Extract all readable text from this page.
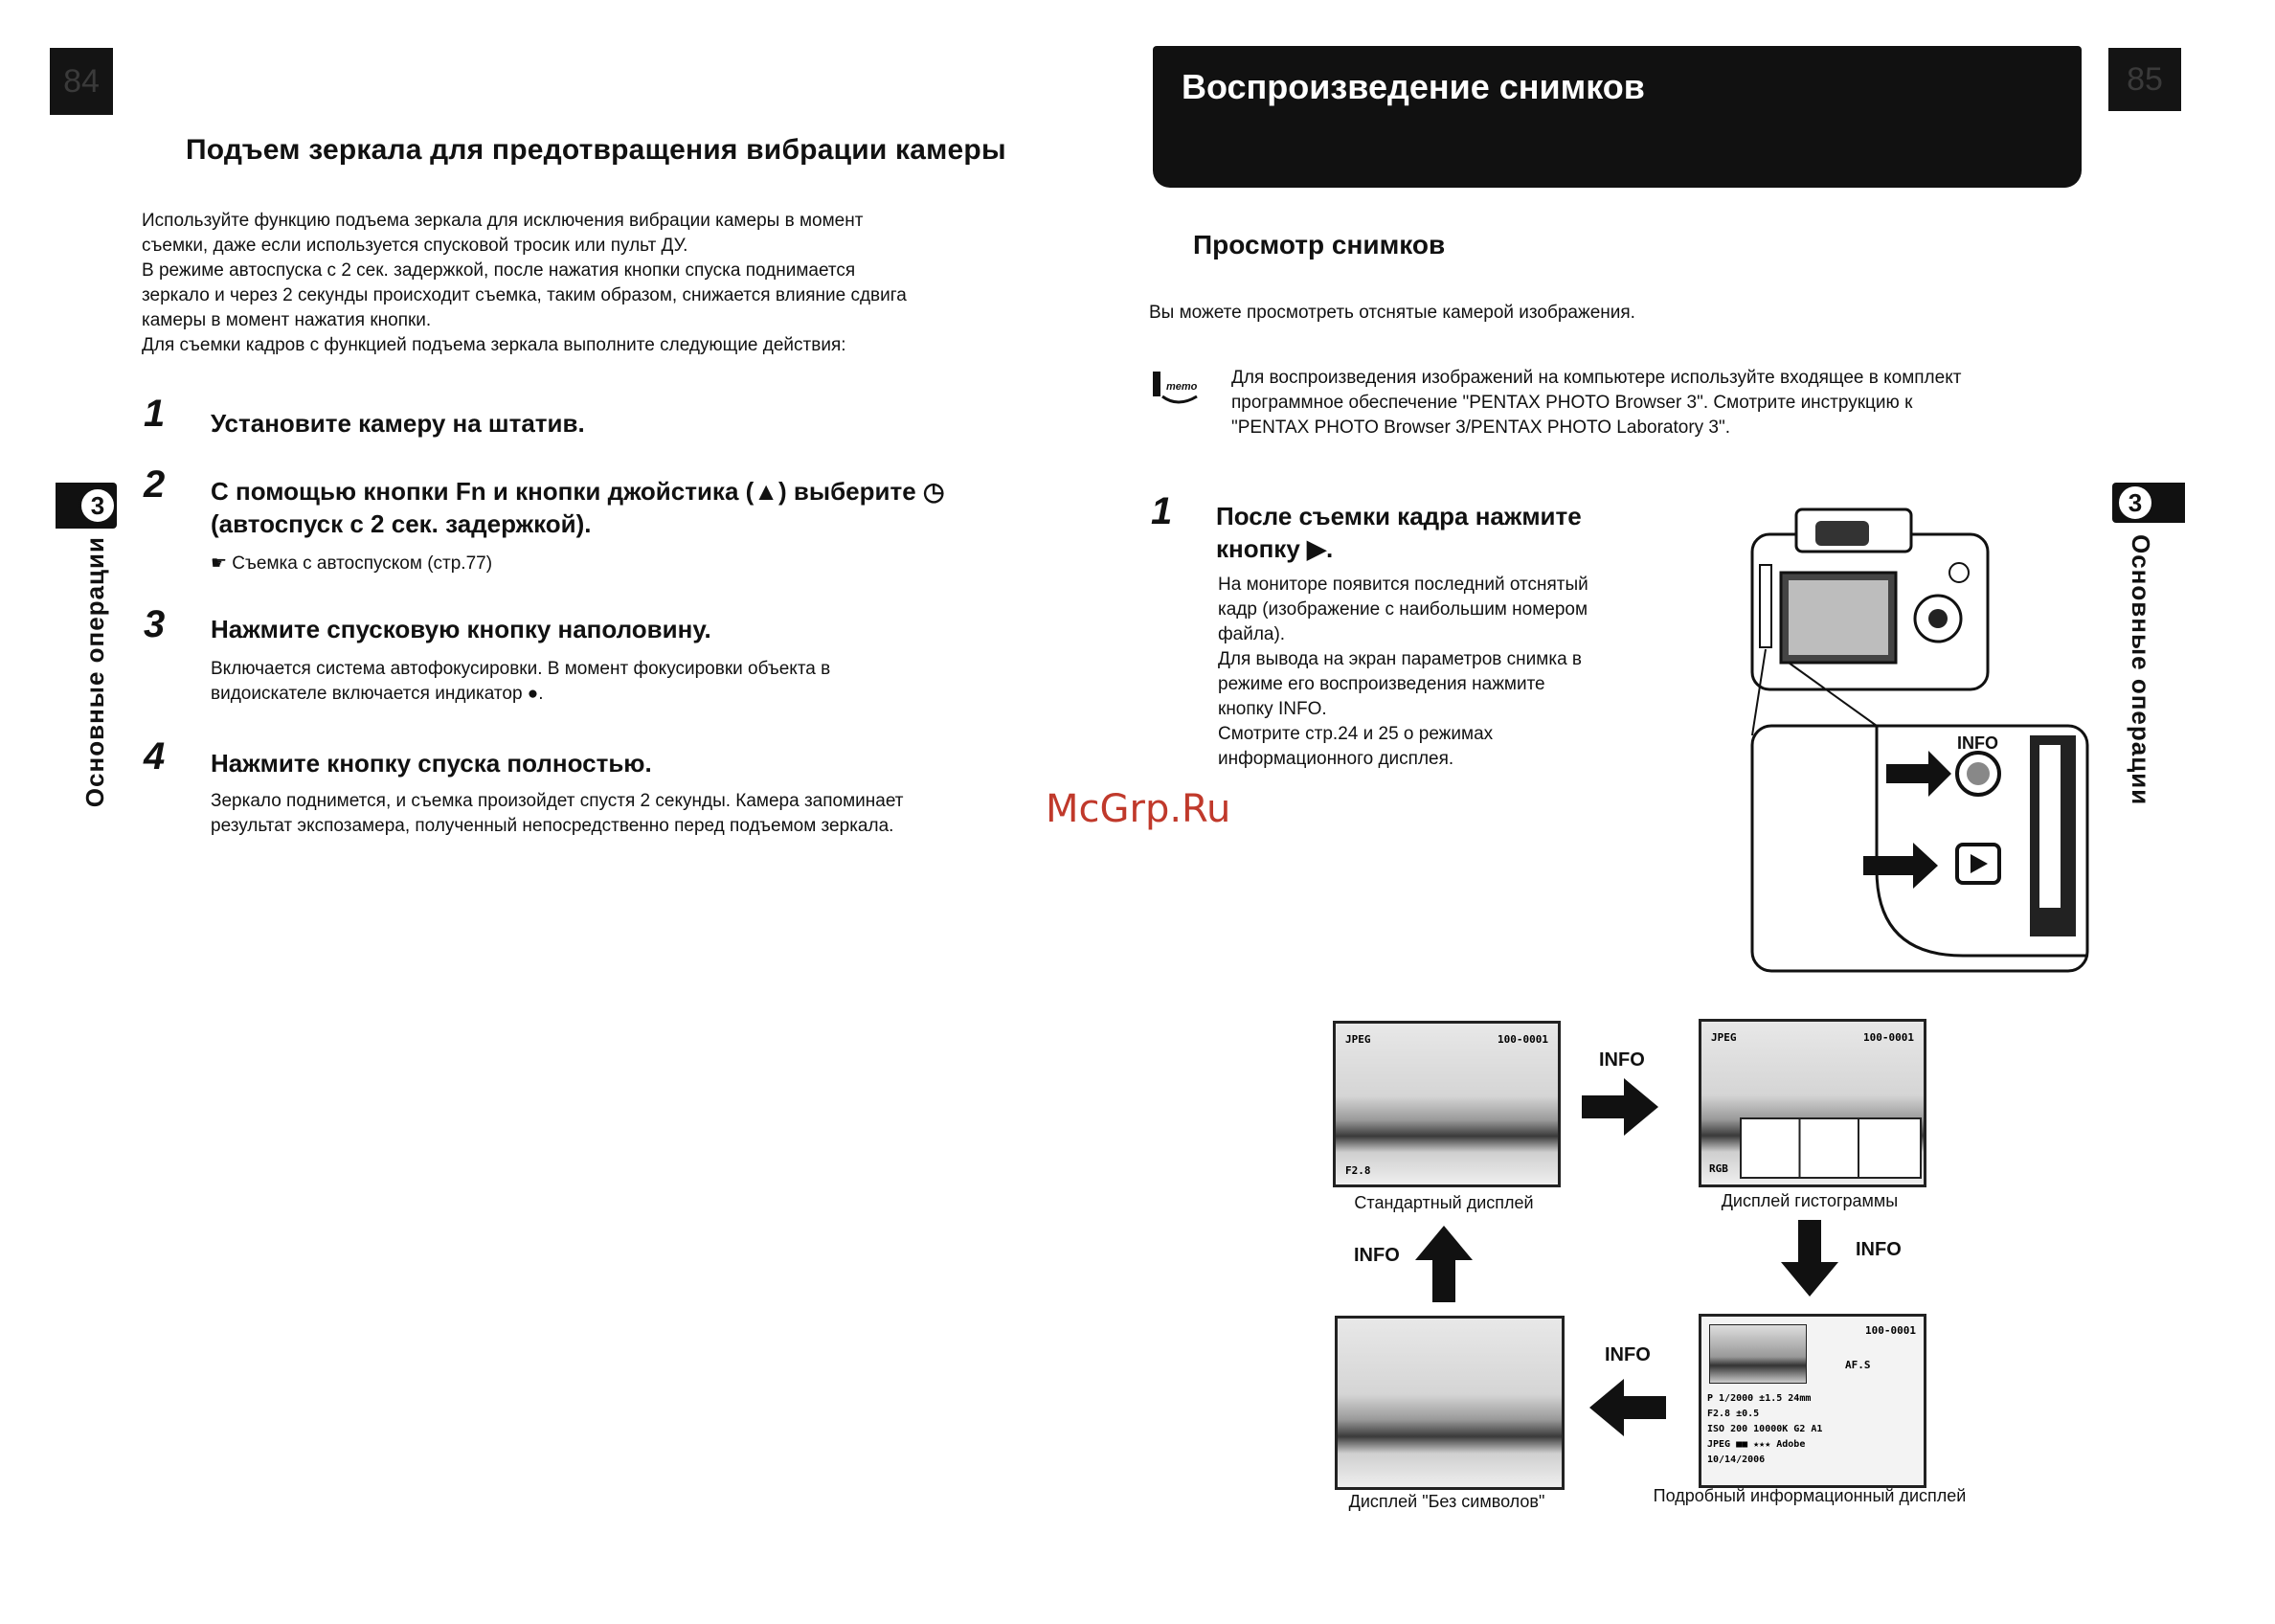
84
Подъем зеркала для предотвращения вибрации камеры
Используйте функцию подъема зеркала для исключения вибрации камеры в момент
съемки, даже если используется спусковой тросик или пульт ДУ.
В режиме автоспуска с 2 сек. задержкой, после нажатия кнопки спуска поднимается
зеркало и через 2 секунды происходит съемка, таким образом, снижается влияние сдвига
камеры в момент нажатия кнопки.
Для съемки кадров с функцией подъема зеркала выполните следующие действия:
1 Установите камеру на штатив.
2 С помощью кнопки Fn и кнопки джойстика (▲) выберите ◷
(автоспуск с 2 сек. задержкой).
☛ Съемка с автоспуском (стр.77)
3 Нажмите спусковую кнопку наполовину.
Включается система автофокусировки. В момент фокусировки объекта в
видоискателе включается индикатор ●.
4 Нажмите кнопку спуска полностью.
Зеркало поднимется, и съемка произойдет спустя 2 секунды. Камера запоминает
результат экспозамера, полученный непосредственно перед подъемом зеркала.
3
Основные операции
McGrp.Ru
Воспроизведение снимков	85
Просмотр снимков
Вы можете просмотреть отснятые камерой изображения.
memo Для воспроизведения изображений на компьютере используйте входящее в комплект
программное обеспечение "PENTAX PHOTO Browser 3". Смотрите инструкцию к
"PENTAX PHOTO Browser 3/PENTAX PHOTO Laboratory 3".
1 После съемки кадра нажмите
кнопку ▶.
На мониторе появится последний отснятый
кадр (изображение с наибольшим номером
файла).
Для вывода на экран параметров снимка в
режиме его воспроизведения нажмите
кнопку INFO.
Смотрите стр.24 и 25 о режимах
информационного дисплея.
INFO
JPEG	100-0001
F2.8
Стандартный дисплей
JPEG	100-0001
RGB
Дисплей гистограммы
Дисплей "Без символов"
100-0001
AF.S
P 1/2000 ±1.5 24mm
F2.8 ±0.5
ISO 200 10000K G2 A1
JPEG ■■ ★★★ Adobe
10/14/2006
Подробный информационный дисплей
INFO
INFO
INFO
INFO
3
Основные операции
